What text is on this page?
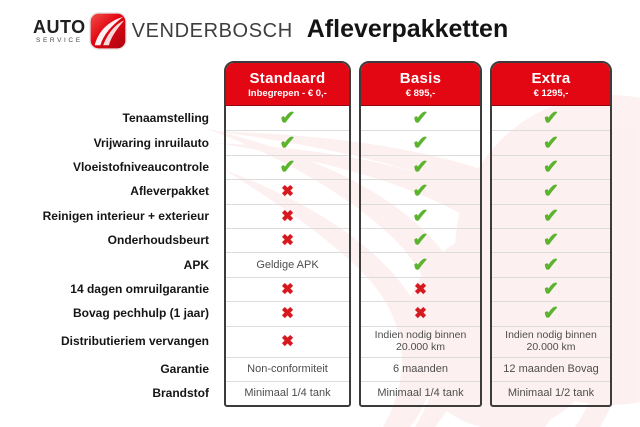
AUTO
SERVICE VENDERBOSCH Afleverpakketten
Tenaamstelling
Vrijwaring inruilauto
Vloeistofniveaucontrole
Afleverpakket
Reinigen interieur + exterieur
Onderhoudsbeurt
APK
14 dagen omruilgarantie
Bovag pechhulp (1 jaar)
Distributieriem vervangen
Garantie
Brandstof
Standaard
Inbegrepen - € 0,-
✔
✔
✔
✖
✖
✖
Geldige APK
✖
✖
✖
Non-conformiteit
Minimaal 1/4 tank
Basis
€ 895,-
✔
✔
✔
✔
✔
✔
✔
✖
✖
Indien nodig binnen 20.000 km
6 maanden
Minimaal 1/4 tank
Extra
€ 1295,-
✔
✔
✔
✔
✔
✔
✔
✔
✔
Indien nodig binnen 20.000 km
12 maanden Bovag
Minimaal 1/2 tank
